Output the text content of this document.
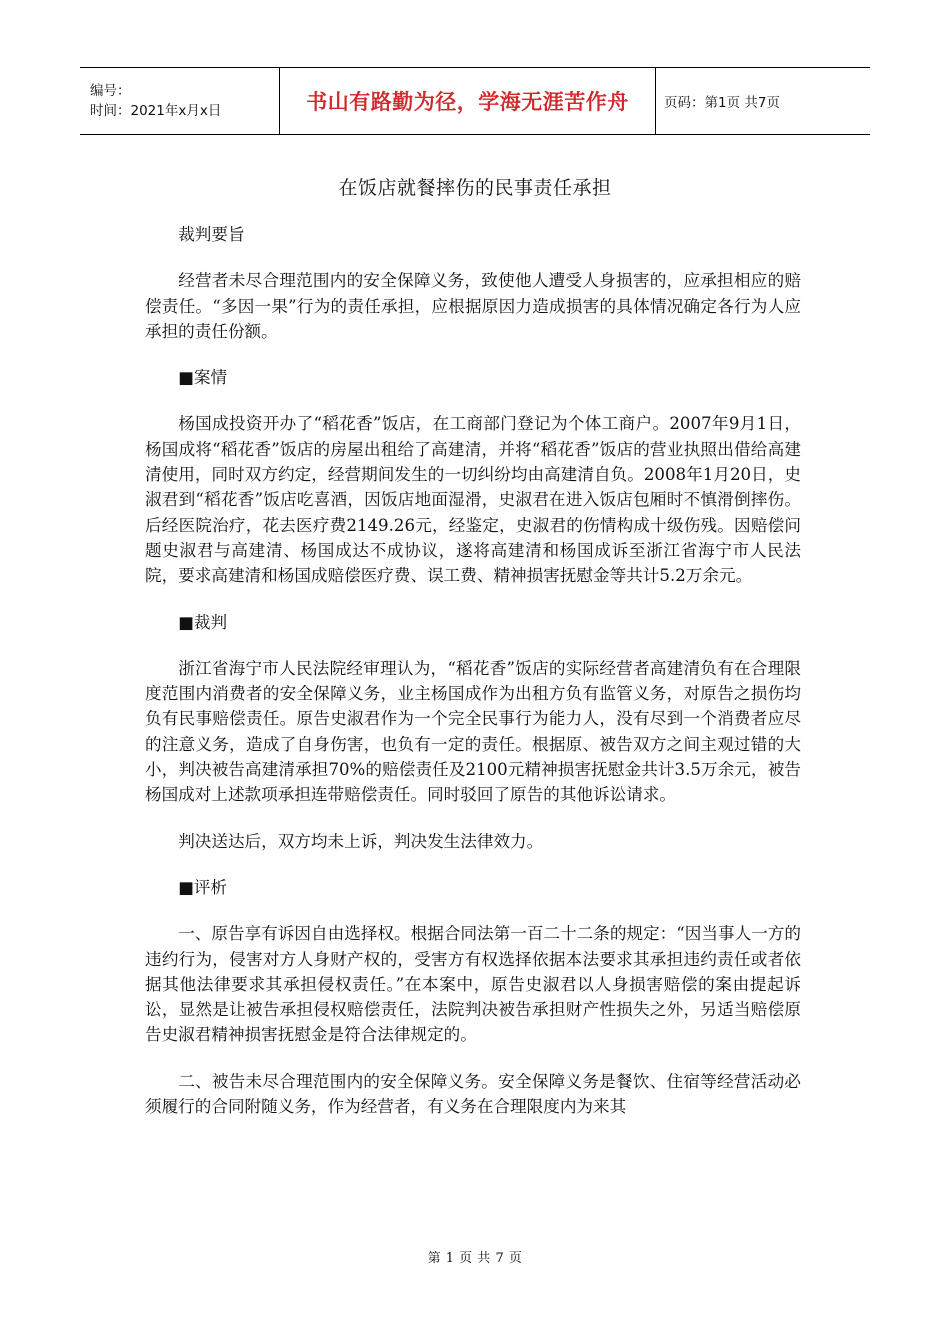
编号：
时间：2021年x月x日	书山有路勤为径，学海无涯苦作舟	页码：第1页 共7页
在饭店就餐摔伤的民事责任承担

裁判要旨

经营者未尽合理范围内的安全保障义务，致使他人遭受人身损害的，应承担相应的赔偿责任。“多因一果”行为的责任承担，应根据原因力造成损害的具体情况确定各行为人应承担的责任份额。

■案情

杨国成投资开办了“稻花香”饭店，在工商部门登记为个体工商户。2007年9月1日，杨国成将“稻花香”饭店的房屋出租给了高建清，并将“稻花香”饭店的营业执照出借给高建清使用，同时双方约定，经营期间发生的一切纠纷均由高建清自负。2008年1月20日，史淑君到“稻花香”饭店吃喜酒，因饭店地面湿滑，史淑君在进入饭店包厢时不慎滑倒摔伤。后经医院治疗，花去医疗费2149.26元，经鉴定，史淑君的伤情构成十级伤残。因赔偿问题史淑君与高建清、杨国成达不成协议，遂将高建清和杨国成诉至浙江省海宁市人民法院，要求高建清和杨国成赔偿医疗费、误工费、精神损害抚慰金等共计5.2万余元。

■裁判

浙江省海宁市人民法院经审理认为，“稻花香”饭店的实际经营者高建清负有在合理限度范围内消费者的安全保障义务，业主杨国成作为出租方负有监管义务，对原告之损伤均负有民事赔偿责任。原告史淑君作为一个完全民事行为能力人，没有尽到一个消费者应尽的注意义务，造成了自身伤害，也负有一定的责任。根据原、被告双方之间主观过错的大小，判决被告高建清承担70%的赔偿责任及2100元精神损害抚慰金共计3.5万余元，被告杨国成对上述款项承担连带赔偿责任。同时驳回了原告的其他诉讼请求。

判决送达后，双方均未上诉，判决发生法律效力。

■评析

一、原告享有诉因自由选择权。根据合同法第一百二十二条的规定：“因当事人一方的违约行为，侵害对方人身财产权的，受害方有权选择依据本法要求其承担违约责任或者依据其他法律要求其承担侵权责任。”在本案中，原告史淑君以人身损害赔偿的案由提起诉讼，显然是让被告承担侵权赔偿责任，法院判决被告承担财产性损失之外，另适当赔偿原告史淑君精神损害抚慰金是符合法律规定的。

二、被告未尽合理范围内的安全保障义务。安全保障义务是餐饮、住宿等经营活动必须履行的合同附随义务，作为经营者，有义务在合理限度内为来其

第 1 页 共 7 页
